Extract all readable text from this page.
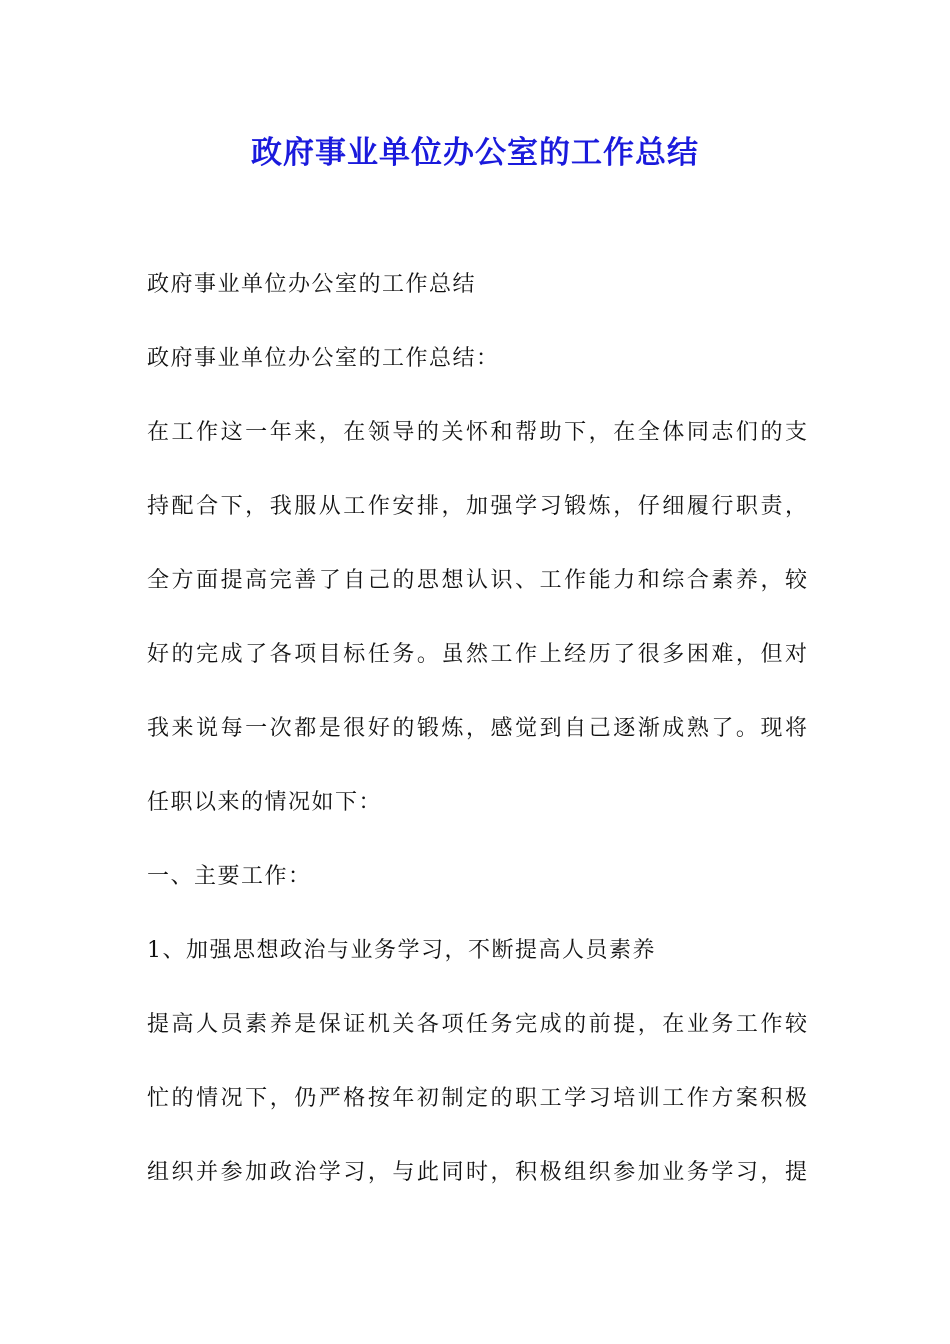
政府事业单位办公室的工作总结
政府事业单位办公室的工作总结
政府事业单位办公室的工作总结：
在工作这一年来，在领导的关怀和帮助下，在全体同志们的支
持配合下，我服从工作安排，加强学习锻炼，仔细履行职责，
全方面提高完善了自己的思想认识、工作能力和综合素养，较
好的完成了各项目标任务。虽然工作上经历了很多困难，但对
我来说每一次都是很好的锻炼，感觉到自己逐渐成熟了。现将
任职以来的情况如下：
一、主要工作：
1、加强思想政治与业务学习，不断提高人员素养
提高人员素养是保证机关各项任务完成的前提，在业务工作较
忙的情况下，仍严格按年初制定的职工学习培训工作方案积极
组织并参加政治学习，与此同时，积极组织参加业务学习，提
